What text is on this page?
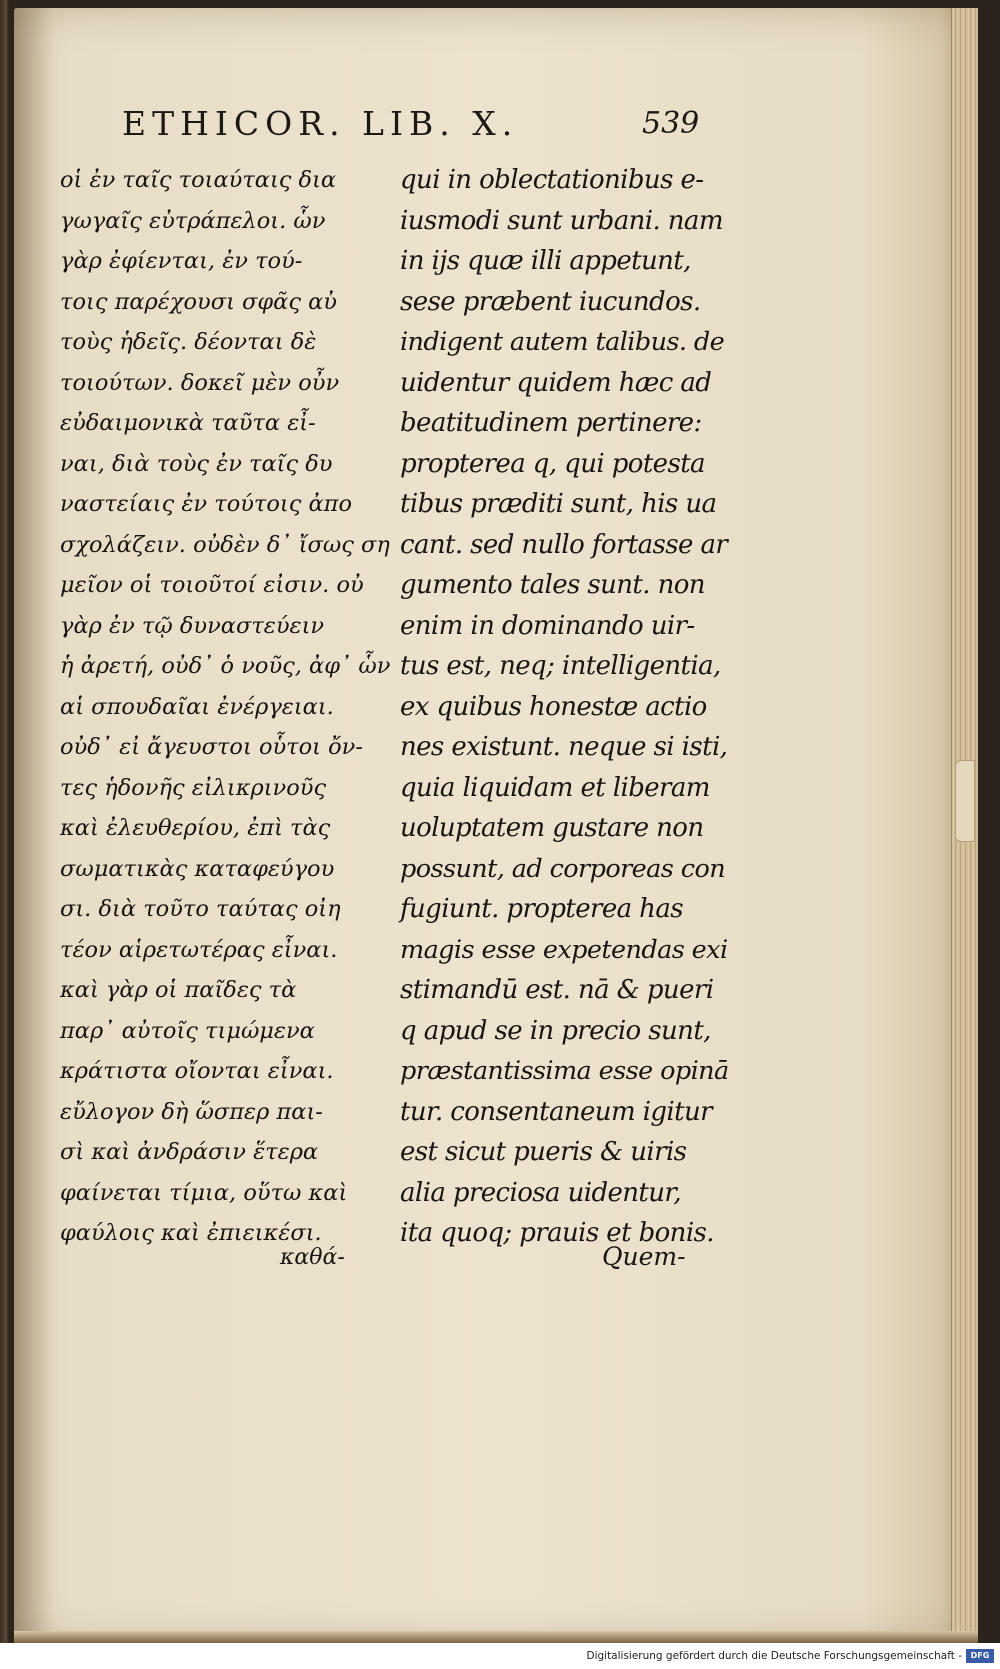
ETHICOR. LIB. X.	539
οἱ ἐν ταῖς τοιαύταις δια
γωγαῖς εὐτράπελοι. ὧν
γὰρ ἐφίενται, ἐν τού-
τοις παρέχουσι σφᾶς αὐ
τοὺς ἡδεῖς. δέονται δὲ
τοιούτων. δοκεῖ μὲν οὖν
εὐδαιμονικὰ ταῦτα εἶ-
ναι, διὰ τοὺς ἐν ταῖς δυ
ναστείαις ἐν τούτοις ἀπο
σχολάζειν. οὐδὲν δ᾽ ἴσως ση
μεῖον οἱ τοιοῦτοί εἰσιν. οὐ
γὰρ ἐν τῷ δυναστεύειν
ἡ ἀρετή, οὐδ᾽ ὁ νοῦς, ἀφ᾽ ὧν
αἱ σπουδαῖαι ἐνέργειαι.
οὐδ᾽ εἰ ἄγευστοι οὗτοι ὄν-
τες ἡδονῆς εἰλικρινοῦς
καὶ ἐλευθερίου, ἐπὶ τὰς
σωματικὰς καταφεύγου
σι. διὰ τοῦτο ταύτας οἰη
τέον αἱρετωτέρας εἶναι.
καὶ γὰρ οἱ παῖδες τὰ
παρ᾽ αὐτοῖς τιμώμενα
κράτιστα οἴονται εἶναι.
εὔλογον δὴ ὥσπερ παι-
σὶ καὶ ἀνδράσιν ἕτερα
φαίνεται τίμια, οὕτω καὶ
φαύλοις καὶ ἐπιεικέσι.
qui in oblectationibus e-
iusmodi sunt urbani. nam
in ijs quæ illi appetunt,
sese præbent iucundos.
indigent autem talibus. de
uidentur quidem hæc ad
beatitudinem pertinere:
propterea q, qui potesta
tibus præditi sunt, his ua
cant. sed nullo fortasse ar
gumento tales sunt. non
enim in dominando uir-
tus est, neq; intelligentia,
ex quibus honestæ actio
nes existunt. neque si isti,
quia liquidam et liberam
uoluptatem gustare non
possunt, ad corporeas con
fugiunt. propterea has
magis esse expetendas exi
stimandū est. nā & pueri
q apud se in precio sunt,
præstantissima esse opinā
tur. consentaneum igitur
est sicut pueris & uiris
alia preciosa uidentur,
ita quoq; prauis et bonis.
καθά-	Quem-
Digitalisierung gefördert durch die Deutsche Forschungsgemeinschaft -	DFG
